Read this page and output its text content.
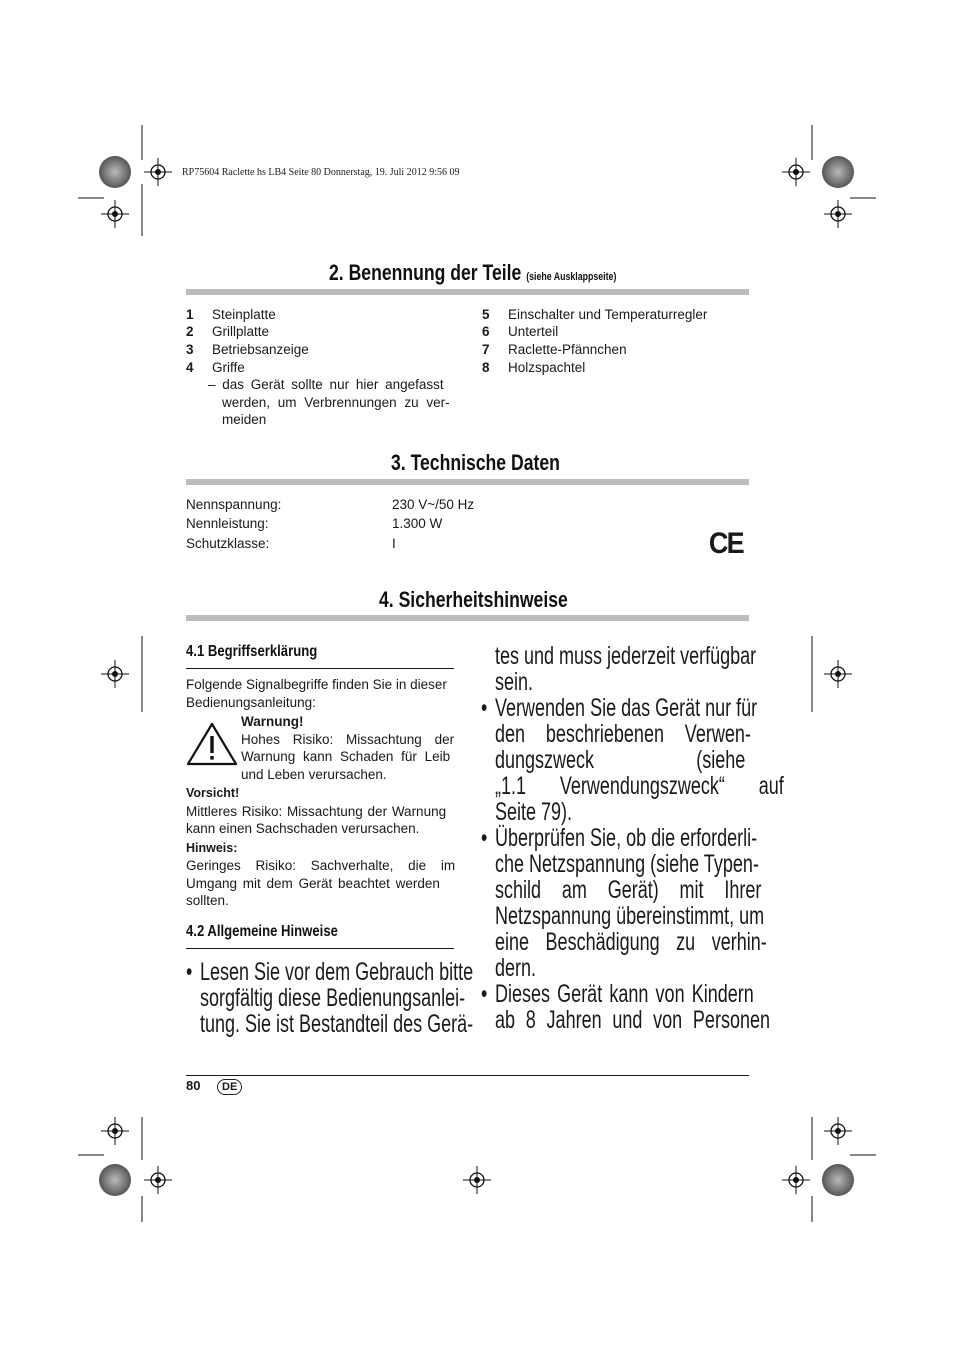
RP75604 Raclette hs LB4 Seite 80 Donnerstag, 19. Juli 2012 9:56 09
2. Benennung der Teile (siehe Ausklappseite)
1 Steinplatte
2 Grillplatte
3 Betriebsanzeige
4 Griffe
– das Gerät sollte nur hier angefasst
werden, um Verbrennungen zu ver-
meiden
5 Einschalter und Temperaturregler
6 Unterteil
7 Raclette-Pfännchen
8 Holzspachtel
3. Technische Daten
Nennspannung:	230 V~/50 Hz
Nennleistung:	1.300 W
Schutzklasse:	I	CE
4. Sicherheitshinweise
4.1 Begriffserklärung
Folgende Signalbegriffe finden Sie in dieser
Bedienungsanleitung:
Warnung!
Hohes Risiko: Missachtung der
Warnung kann Schaden für Leib
und Leben verursachen.
Vorsicht!
Mittleres Risiko: Missachtung der Warnung
kann einen Sachschaden verursachen.
Hinweis:
Geringes Risiko: Sachverhalte, die im
Umgang mit dem Gerät beachtet werden
sollten.
4.2 Allgemeine Hinweise
• Lesen Sie vor dem Gebrauch bitte
sorgfältig diese Bedienungsanlei-
tung. Sie ist Bestandteil des Gerä-
tes und muss jederzeit verfügbar
sein.
• Verwenden Sie das Gerät nur für
den beschriebenen Verwen-
dungszweck (siehe
„1.1 Verwendungszweck“ auf
Seite 79).
• Überprüfen Sie, ob die erforderli-
che Netzspannung (siehe Typen-
schild am Gerät) mit Ihrer
Netzspannung übereinstimmt, um
eine Beschädigung zu verhin-
dern.
• Dieses Gerät kann von Kindern
ab 8 Jahren und von Personen
80	DE
